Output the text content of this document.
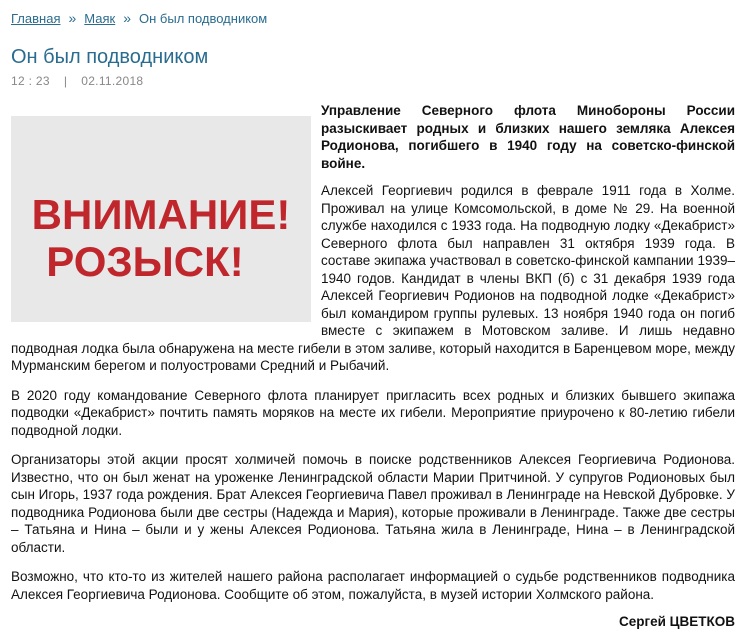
Главная » Маяк » Он был подводником
Он был подводником
12 : 23 | 02.11.2018
ВНИМАНИЕ!
РОЗЫСК!

Управление Северного флота Минобороны России разыскивает родных и близких нашего земляка Алексея Родионова, погибшего в 1940 году на советско-финской войне.

Алексей Георгиевич родился в феврале 1911 года в Холме. Проживал на улице Комсомольской, в доме № 29. На военной службе находился с 1933 года. На подводную лодку «Декабрист» Северного флота был направлен 31 октября 1939 года. В составе экипажа участвовал в советско-финской кампании 1939–1940 годов. Кандидат в члены ВКП (б) с 31 декабря 1939 года Алексей Георгиевич Родионов на подводной лодке «Декабрист» был командиром группы рулевых. 13 ноября 1940 года он погиб вместе с экипажем в Мотовском заливе. И лишь недавно подводная лодка была обнаружена на месте гибели в этом заливе, который находится в Баренцевом море, между Мурманским берегом и полуостровами Средний и Рыбачий.

В 2020 году командование Северного флота планирует пригласить всех родных и близких бывшего экипажа подводки «Декабрист» почтить память моряков на месте их гибели. Мероприятие приурочено к 80-летию гибели подводной лодки.

Организаторы этой акции просят холмичей помочь в поиске родственников Алексея Георгиевича Родионова. Известно, что он был женат на уроженке Ленинградской области Марии Притчиной. У супругов Родионовых был сын Игорь, 1937 года рождения. Брат Алексея Георгиевича Павел проживал в Ленинграде на Невской Дубровке. У подводника Родионова были две сестры (Надежда и Мария), которые проживали в Ленинграде. Также две сестры – Татьяна и Нина – были и у жены Алексея Родионова. Татьяна жила в Ленинграде, Нина – в Ленинградской области.

Возможно, что кто-то из жителей нашего района располагает информацией о судьбе родственников подводника Алексея Георгиевича Родионова. Сообщите об этом, пожалуйста, в музей истории Холмского района.

Сергей ЦВЕТКОВ
